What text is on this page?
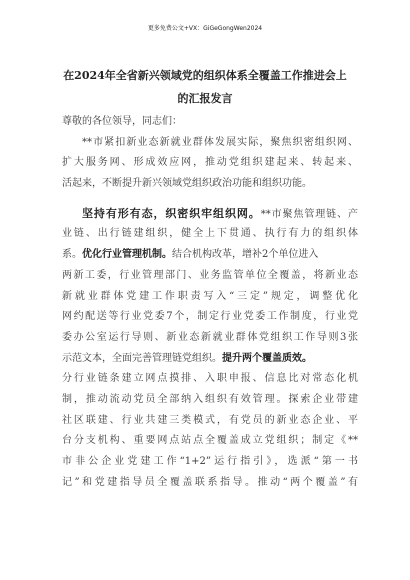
更多免费公文+VX：GiGeGongWen2024
在2024年全省新兴领域党的组织体系全覆盖工作推进会上
的汇报发言
尊敬的各位领导，同志们：
**市紧扣新业态新就业群体发展实际，聚焦织密组织网、
扩大服务网、形成效应网，推动党组织建起来、转起来、
活起来，不断提升新兴领域党组织政治功能和组织功能。
坚持有形有态，织密织牢组织网。**市聚焦管理链、产
业链、出行链建组织，健全上下贯通、执行有力的组织体
系。优化行业管理机制。结合机构改革，增补2个单位进入
两新工委，行业管理部门、业务监管单位全覆盖，将新业态
新就业群体党建工作职责写入“三定”规定，调整优化
网约配送等行业党委7个，制定行业党委工作制度，行业党
委办公室运行导则、新业态新就业群体党组织工作导则3张
示范文本，全面完善管理链党组织。提升两个覆盖质效。
分行业链条建立网点摸排、入职申报、信息比对常态化机
制，推动流动党员全部纳入组织有效管理。探索企业带建
社区联建、行业共建三类模式，有党员的新业态企业、平
台分支机构、重要网点站点全覆盖成立党组织；制定《**
市非公企业党建工作“1+2”运行指引》，选派“第一书
记”和党建指导员全覆盖联系指导。推动“两个覆盖”有
